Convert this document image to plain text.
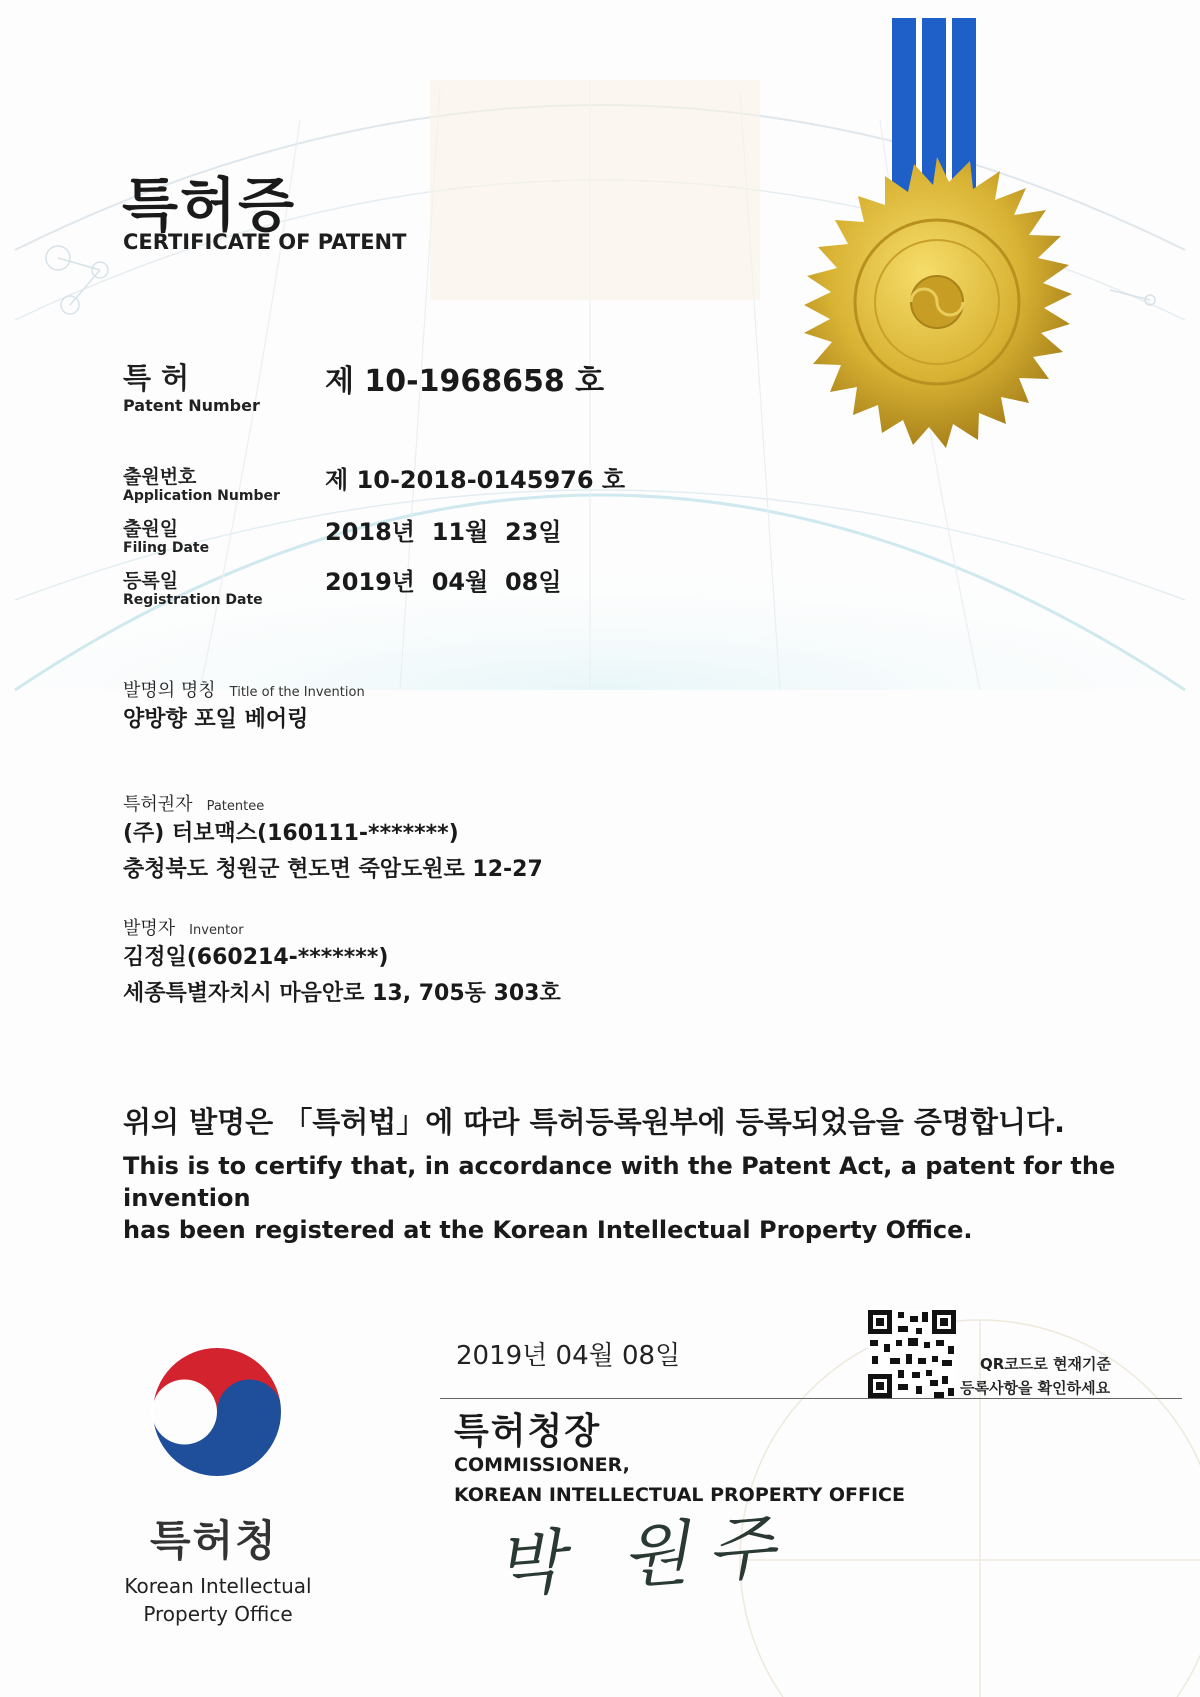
특허증
CERTIFICATE OF PATENT
특 허
Patent Number
제 10-1968658 호
출원번호
Application Number
제 10-2018-0145976 호
출원일
Filing Date
2018년  11월  23일
등록일
Registration Date
2019년  04월  08일
발명의 명칭 Title of the Invention
양방향 포일 베어링
특허권자 Patentee
(주) 터보맥스(160111-*******)
충청북도 청원군 현도면 죽암도원로 12-27
발명자 Inventor
김정일(660214-*******)
세종특별자치시 마음안로 13, 705동 303호
위의 발명은 「특허법」에 따라 특허등록원부에 등록되었음을 증명합니다.
This is to certify that, in accordance with the Patent Act, a patent for the invention
has been registered at the Korean Intellectual Property Office.
2019년 04월 08일	QR코드로 현재기준
등록사항을 확인하세요
특허청장
COMMISSIONER,
KOREAN INTELLECTUAL PROPERTY OFFICE
박 원주
특허청
Korean Intellectual
Property Office
